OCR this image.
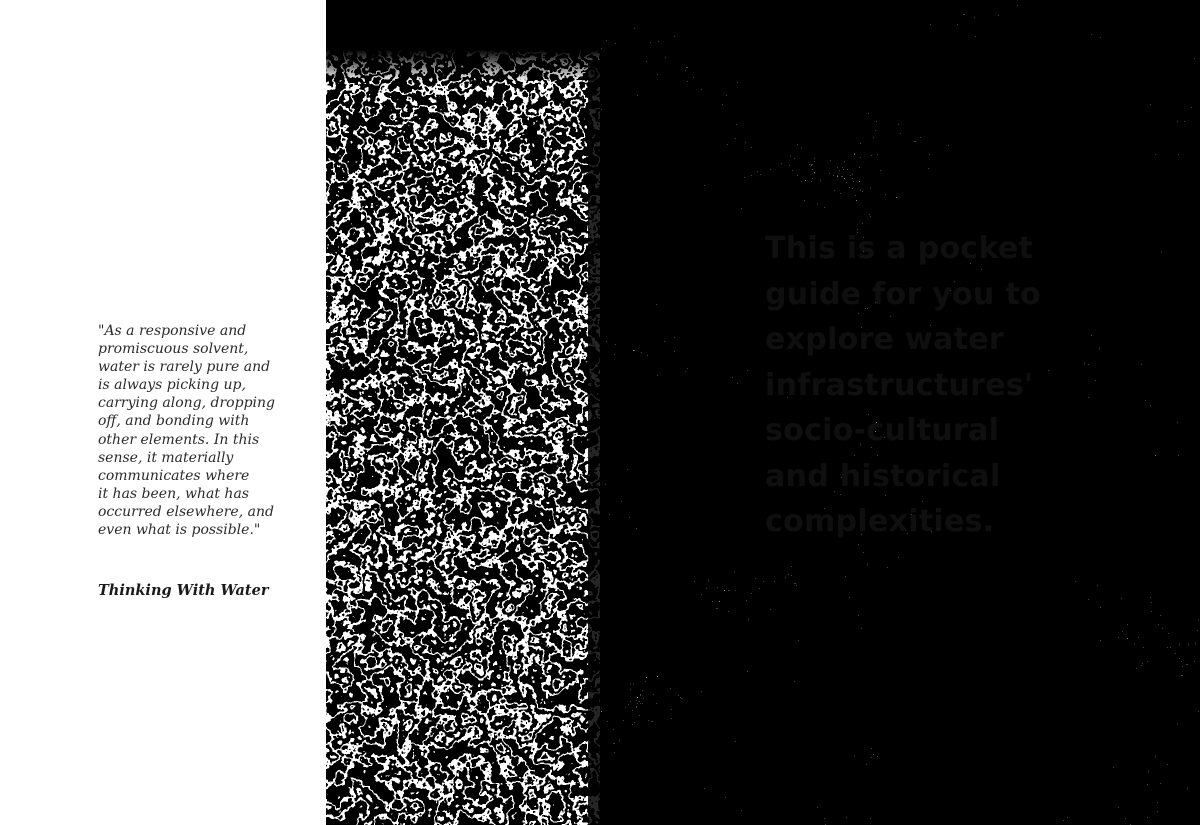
"As a responsive and
promiscuous solvent,
water is rarely pure and
is always picking up,
carrying along, dropping
off, and bonding with
other elements. In this
sense, it materially
communicates where
it has been, what has
occurred elsewhere, and
even what is possible."

Thinking With Water

This is a pocket
guide for you to
explore water
infrastructures'
socio-cultural
and historical
complexities.
